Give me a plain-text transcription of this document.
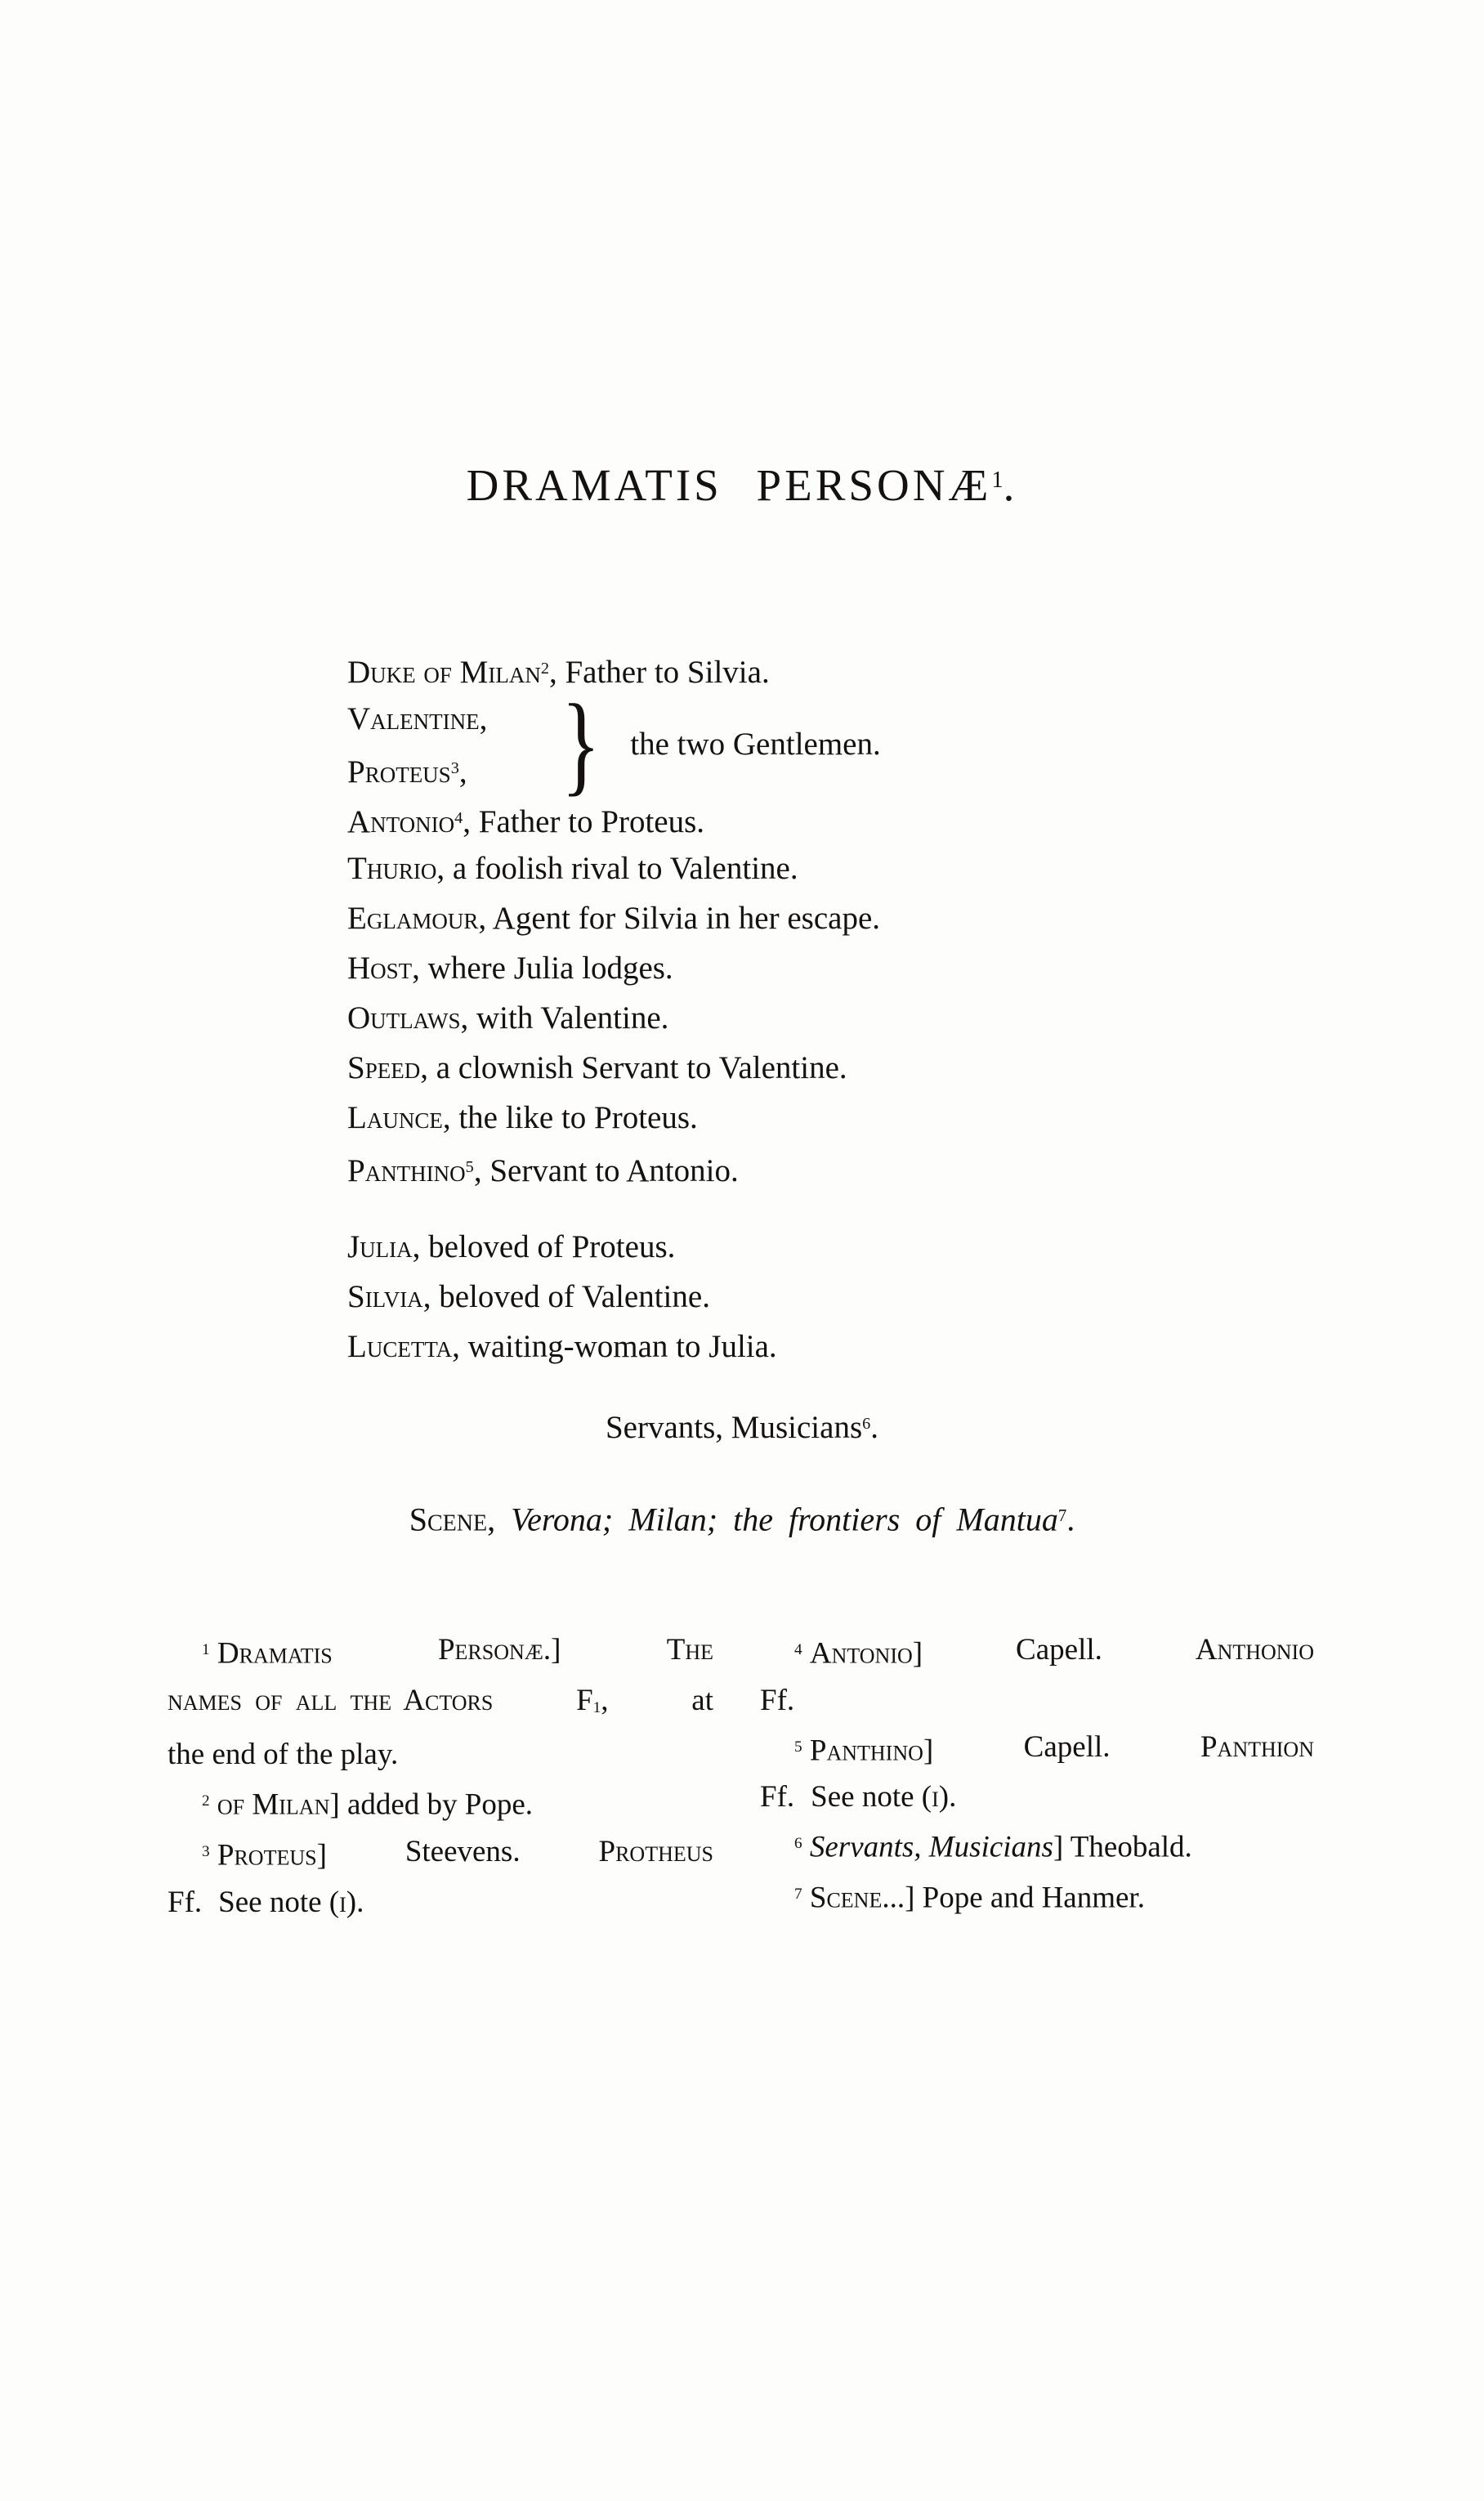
DRAMATIS PERSONÆ1.
Duke of Milan2, Father to Silvia.
Valentine,
Proteus3, } the two Gentlemen.
Antonio4, Father to Proteus.
Thurio, a foolish rival to Valentine.
Eglamour, Agent for Silvia in her escape.
Host, where Julia lodges.
Outlaws, with Valentine.
Speed, a clownish Servant to Valentine.
Launce, the like to Proteus.
Panthino5, Servant to Antonio.
Julia, beloved of Proteus.
Silvia, beloved of Valentine.
Lucetta, waiting-woman to Julia.
Servants, Musicians6.
Scene, Verona; Milan; the frontiers of Mantua7.
1 Dramatis	Personæ.]	The
names of all the Actors	F1,	at
the end of the play.
2 of Milan] added by Pope.
3 Proteus]	Steevens.	Protheus
Ff. See note (i).
4 Antonio]	Capell.	Anthonio
Ff.
5 Panthino]	Capell.	Panthion
Ff. See note (i).
6 Servants, Musicians] Theobald.
7 Scene...] Pope and Hanmer.
